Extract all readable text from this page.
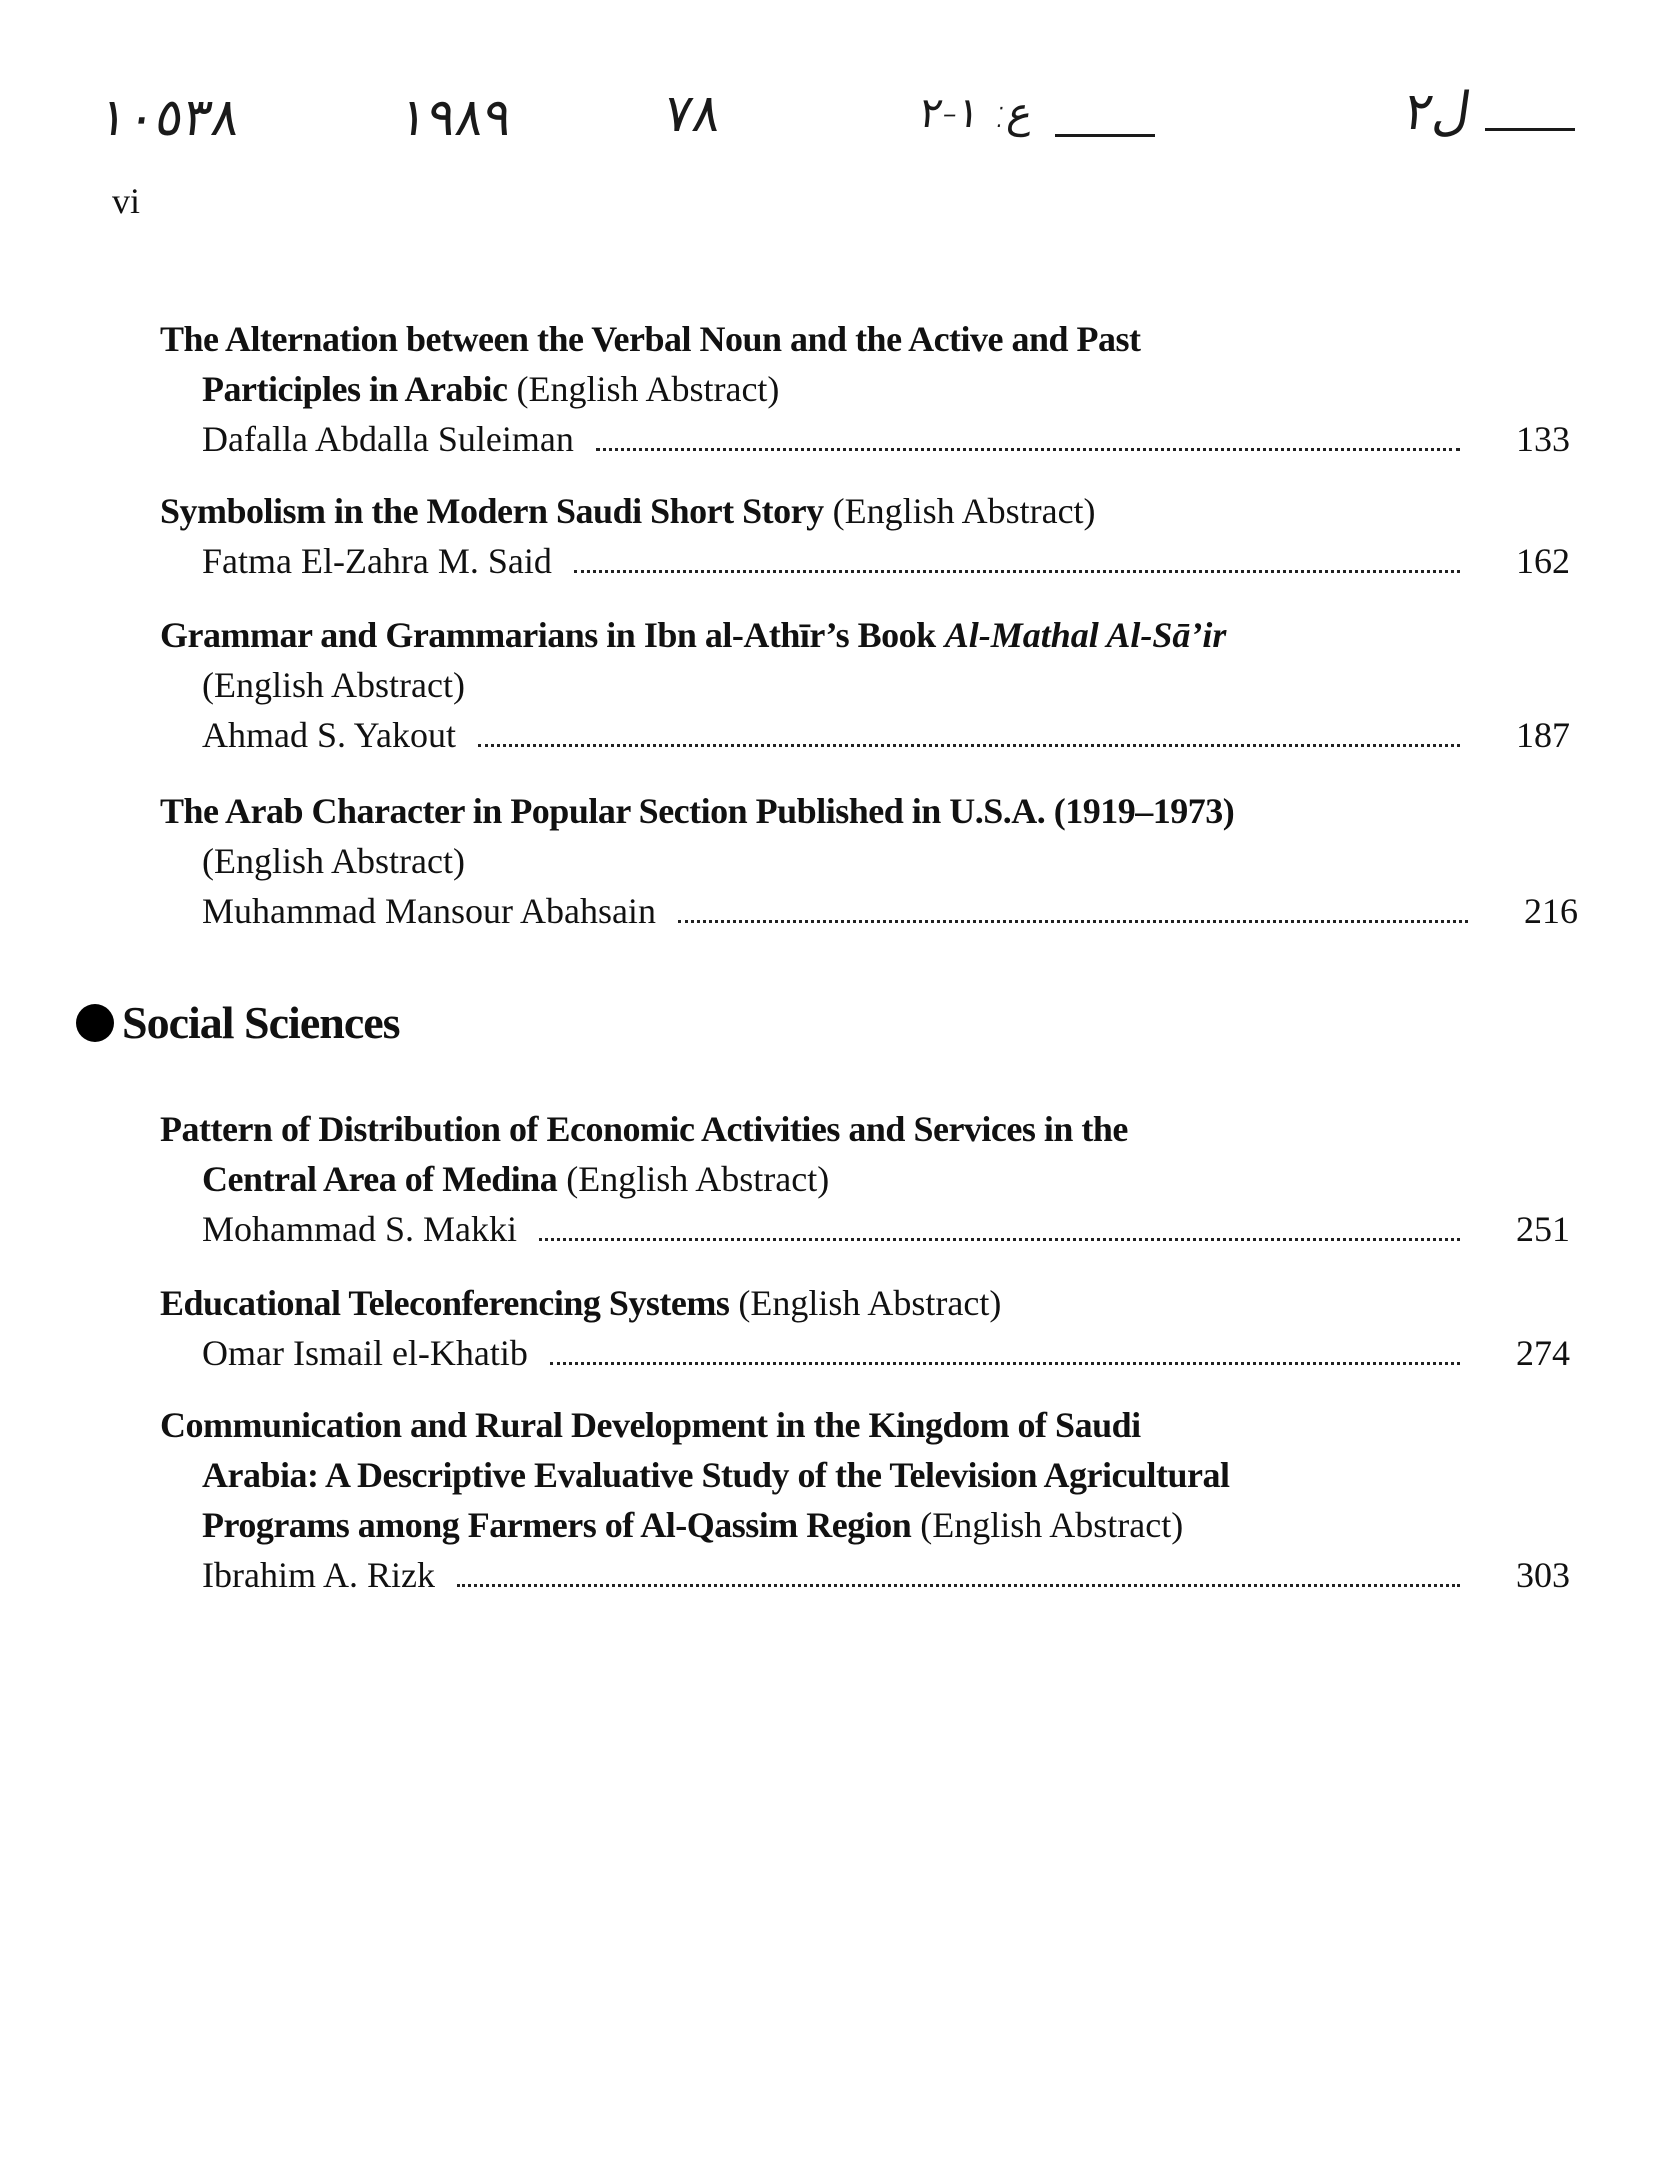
١٠٥٣٨	١٩٨٩	٧٨	ع: ١-٢	ل٢
vi
The Alternation between the Verbal Noun and the Active and Past
Participles in Arabic (English Abstract)
Dafalla Abdalla Suleiman	133
Symbolism in the Modern Saudi Short Story (English Abstract)
Fatma El-Zahra M. Said	162
Grammar and Grammarians in Ibn al-Athīr’s Book Al-Mathal Al-Sā’ir
(English Abstract)
Ahmad S. Yakout	187
The Arab Character in Popular Section Published in U.S.A. (1919–1973)
(English Abstract)
Muhammad Mansour Abahsain	216
Social Sciences
Pattern of Distribution of Economic Activities and Services in the
Central Area of Medina (English Abstract)
Mohammad S. Makki	251
Educational Teleconferencing Systems (English Abstract)
Omar Ismail el-Khatib	274
Communication and Rural Development in the Kingdom of Saudi
Arabia: A Descriptive Evaluative Study of the Television Agricultural
Programs among Farmers of Al-Qassim Region (English Abstract)
Ibrahim A. Rizk	303
